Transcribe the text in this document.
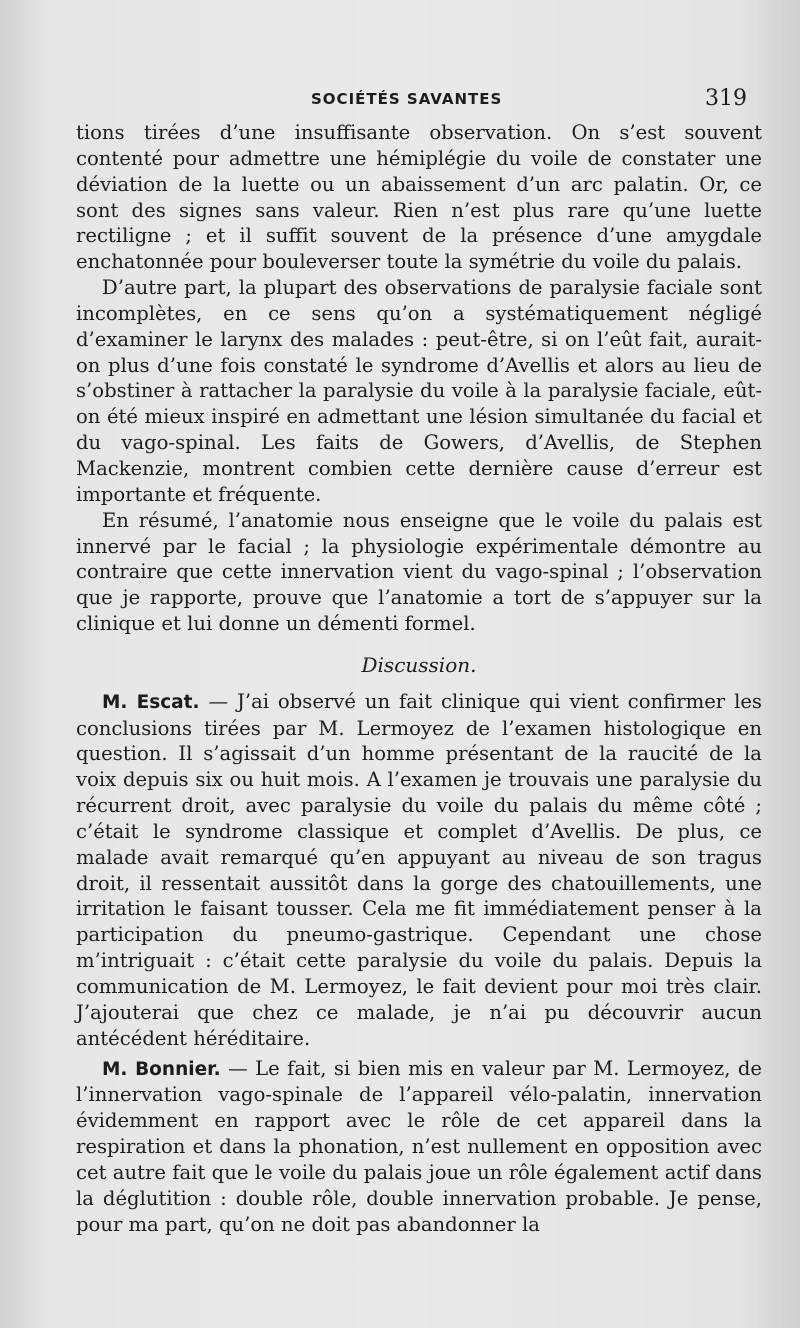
SOCIÉTÉS SAVANTES	319

tions tirées d’une insuffisante observation. On s’est souvent contenté pour admettre une hémiplégie du voile de constater une déviation de la luette ou un abaissement d’un arc palatin. Or, ce sont des signes sans valeur. Rien n’est plus rare qu’une luette rectiligne ; et il suffit souvent de la présence d’une amygdale enchatonnée pour bouleverser toute la symétrie du voile du palais.

D’autre part, la plupart des observations de paralysie faciale sont incomplètes, en ce sens qu’on a systématiquement négligé d’examiner le larynx des malades : peut-être, si on l’eût fait, aurait-on plus d’une fois constaté le syndrome d’Avellis et alors au lieu de s’obstiner à rattacher la paralysie du voile à la paralysie faciale, eût-on été mieux inspiré en admettant une lésion simultanée du facial et du vago-spinal. Les faits de Gowers, d’Avellis, de Stephen Mackenzie, montrent combien cette dernière cause d’erreur est importante et fréquente.

En résumé, l’anatomie nous enseigne que le voile du palais est innervé par le facial ; la physiologie expérimentale démontre au contraire que cette innervation vient du vago-spinal ; l’observation que je rapporte, prouve que l’anatomie a tort de s’appuyer sur la clinique et lui donne un démenti formel.

Discussion.

M. Escat. — J’ai observé un fait clinique qui vient confirmer les conclusions tirées par M. Lermoyez de l’examen histologique en question. Il s’agissait d’un homme présentant de la raucité de la voix depuis six ou huit mois. A l’examen je trouvais une paralysie du récurrent droit, avec paralysie du voile du palais du même côté ; c’était le syndrome classique et complet d’Avellis. De plus, ce malade avait remarqué qu’en appuyant au niveau de son tragus droit, il ressentait aussitôt dans la gorge des chatouillements, une irritation le faisant tousser. Cela me fit immédiatement penser à la participation du pneumo-gastrique. Cependant une chose m’intriguait : c’était cette paralysie du voile du palais. Depuis la communication de M. Lermoyez, le fait devient pour moi très clair. J’ajouterai que chez ce malade, je n’ai pu découvrir aucun antécédent héréditaire.

M. Bonnier. — Le fait, si bien mis en valeur par M. Lermoyez, de l’innervation vago-spinale de l’appareil vélo-palatin, innervation évidemment en rapport avec le rôle de cet appareil dans la respiration et dans la phonation, n’est nullement en opposition avec cet autre fait que le voile du palais joue un rôle également actif dans la déglutition : double rôle, double innervation probable. Je pense, pour ma part, qu’on ne doit pas abandonner la
